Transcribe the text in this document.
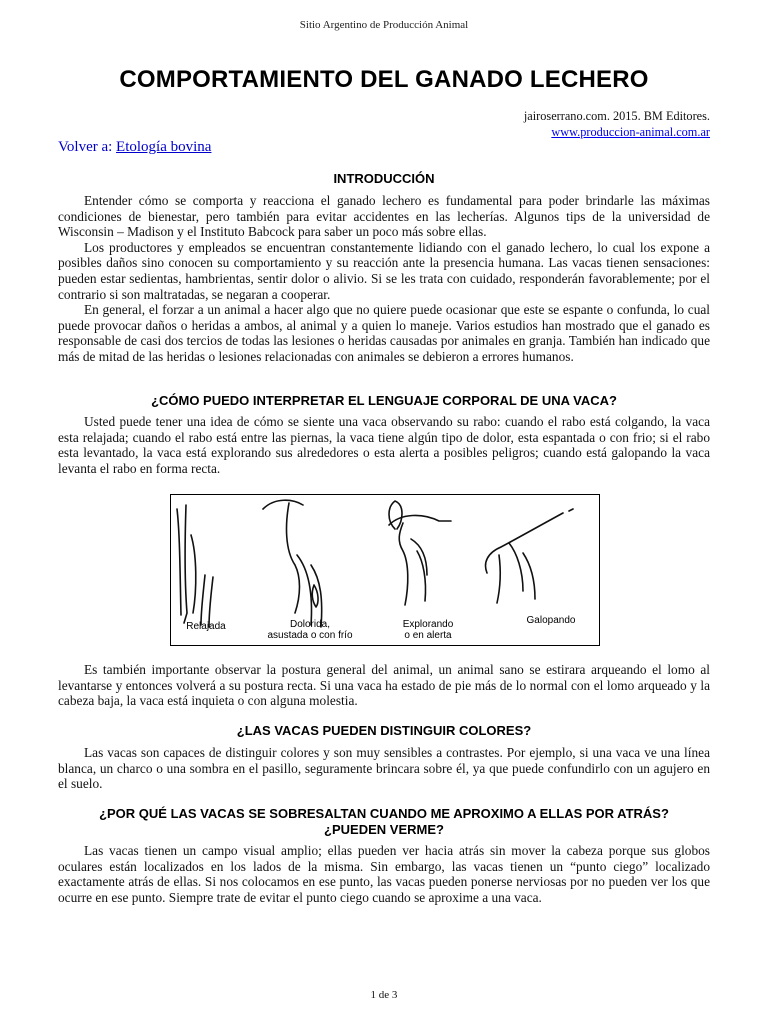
Sitio Argentino de Producción Animal
COMPORTAMIENTO DEL GANADO LECHERO
jairoserrano.com. 2015. BM Editores.
www.produccion-animal.com.ar
Volver a: Etología bovina
INTRODUCCIÓN

Entender cómo se comporta y reacciona el ganado lechero es fundamental para poder brindarle las máximas condiciones de bienestar, pero también para evitar accidentes en las lecherías. Algunos tips de la universidad de Wisconsin – Madison y el Instituto Babcock para saber un poco más sobre ellas.

Los productores y empleados se encuentran constantemente lidiando con el ganado lechero, lo cual los expone a posibles daños sino conocen su comportamiento y su reacción ante la presencia humana. Las vacas tienen sensaciones: pueden estar sedientas, hambrientas, sentir dolor o alivio. Si se les trata con cuidado, responderán favorablemente; por el contrario si son maltratadas, se negaran a cooperar.

En general, el forzar a un animal a hacer algo que no quiere puede ocasionar que este se espante o confunda, lo cual puede provocar daños o heridas a ambos, al animal y a quien lo maneje. Varios estudios han mostrado que el ganado es responsable de casi dos tercios de todas las lesiones o heridas causadas por animales en granja. También han indicado que más de mitad de las heridas o lesiones relacionadas con animales se debieron a errores humanos.

¿CÓMO PUEDO INTERPRETAR EL LENGUAJE CORPORAL DE UNA VACA?

Usted puede tener una idea de cómo se siente una vaca observando su rabo: cuando el rabo está colgando, la vaca esta relajada; cuando el rabo está entre las piernas, la vaca tiene algún tipo de dolor, esta espantada o con frio; si el rabo esta levantado, la vaca está explorando sus alrededores o esta alerta a posibles peligros; cuando está galopando la vaca levanta el rabo en forma recta.

Relajada	Dolorida,
asustada o con frío
Explorando
o en alerta
Galopando

Es también importante observar la postura general del animal, un animal sano se estirara arqueando el lomo al levantarse y entonces volverá a su postura recta. Si una vaca ha estado de pie más de lo normal con el lomo arqueado y la cabeza baja, la vaca está inquieta o con alguna molestia.

¿LAS VACAS PUEDEN DISTINGUIR COLORES?

Las vacas son capaces de distinguir colores y son muy sensibles a contrastes. Por ejemplo, si una vaca ve una línea blanca, un charco o una sombra en el pasillo, seguramente brincara sobre él, ya que puede confundirlo con un agujero en el suelo.

¿POR QUÉ LAS VACAS SE SOBRESALTAN CUANDO ME APROXIMO A ELLAS POR ATRÁS?
¿PUEDEN VERME?

Las vacas tienen un campo visual amplio; ellas pueden ver hacia atrás sin mover la cabeza porque sus globos oculares están localizados en los lados de la misma. Sin embargo, las vacas tienen un “punto ciego” localizado exactamente atrás de ellas. Si nos colocamos en ese punto, las vacas pueden ponerse nerviosas por no pueden ver los que ocurre en ese punto. Siempre trate de evitar el punto ciego cuando se aproxime a una vaca.

1 de 3
